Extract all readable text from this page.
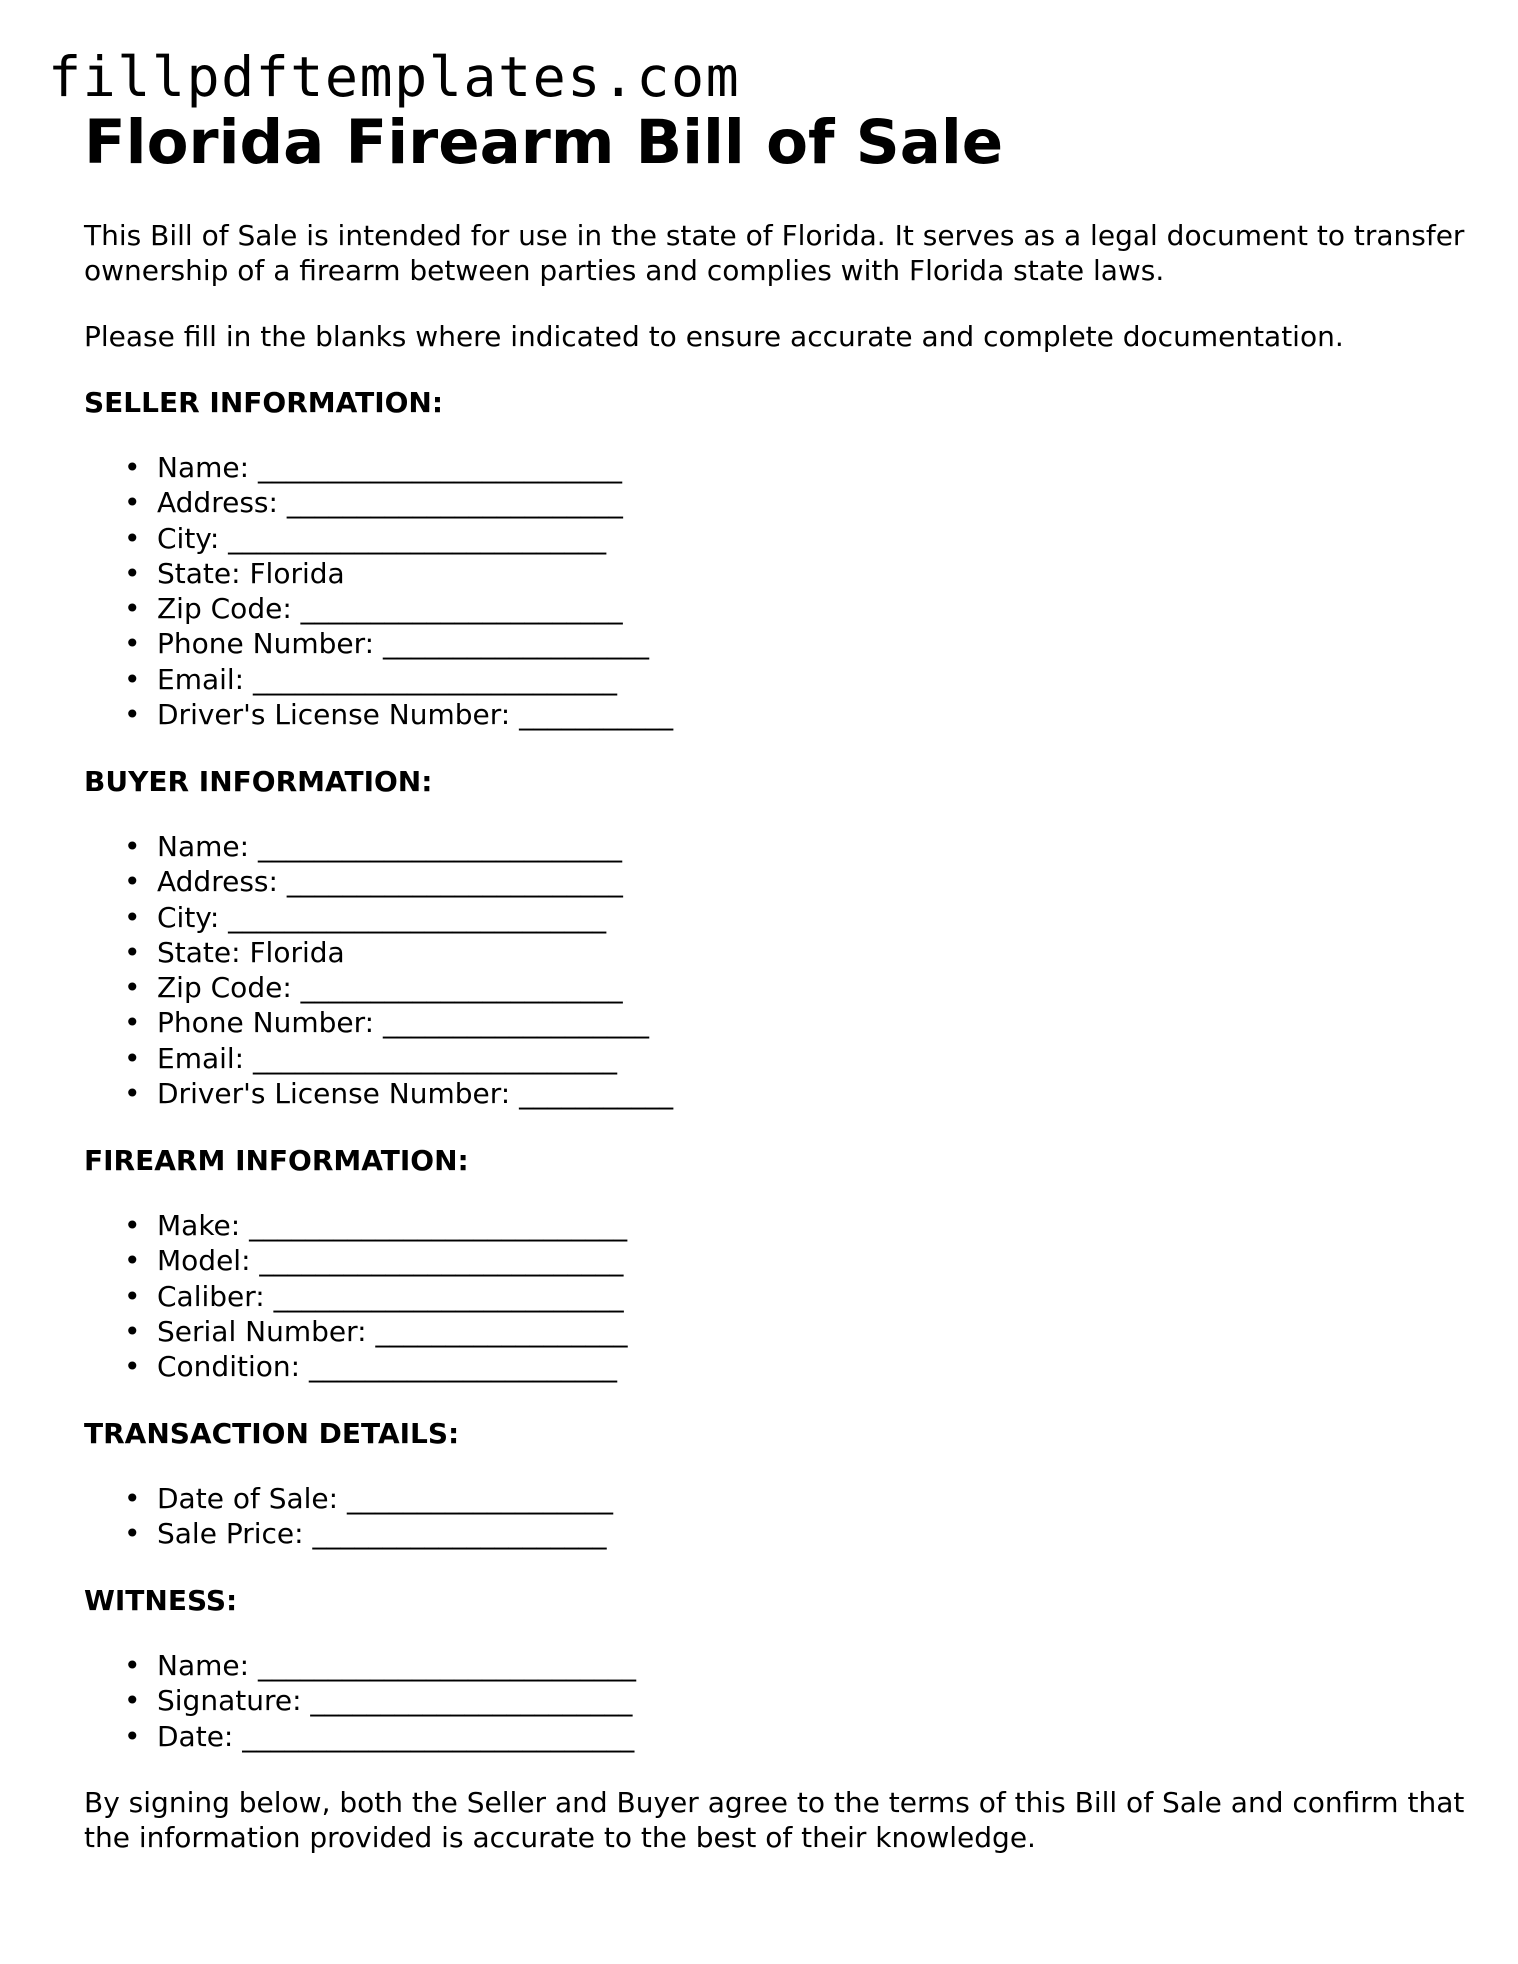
fillpdftemplates.com
Florida Firearm Bill of Sale

This Bill of Sale is intended for use in the state of Florida. It serves as a legal document to transfer ownership of a firearm between parties and complies with Florida state laws.

Please fill in the blanks where indicated to ensure accurate and complete documentation.

SELLER INFORMATION:
• Name: __________________________
• Address: ________________________
• City: ___________________________
• State: Florida
• Zip Code: _______________________
• Phone Number: ___________________
• Email: __________________________
• Driver's License Number: ___________
BUYER INFORMATION:
• Name: __________________________
• Address: ________________________
• City: ___________________________
• State: Florida
• Zip Code: _______________________
• Phone Number: ___________________
• Email: __________________________
• Driver's License Number: ___________
FIREARM INFORMATION:
• Make: ___________________________
• Model: __________________________
• Caliber: _________________________
• Serial Number: __________________
• Condition: ______________________
TRANSACTION DETAILS:
• Date of Sale: ___________________
• Sale Price: _____________________
WITNESS:
• Name: ___________________________
• Signature: _______________________
• Date: ____________________________

By signing below, both the Seller and Buyer agree to the terms of this Bill of Sale and confirm that the information provided is accurate to the best of their knowledge.
